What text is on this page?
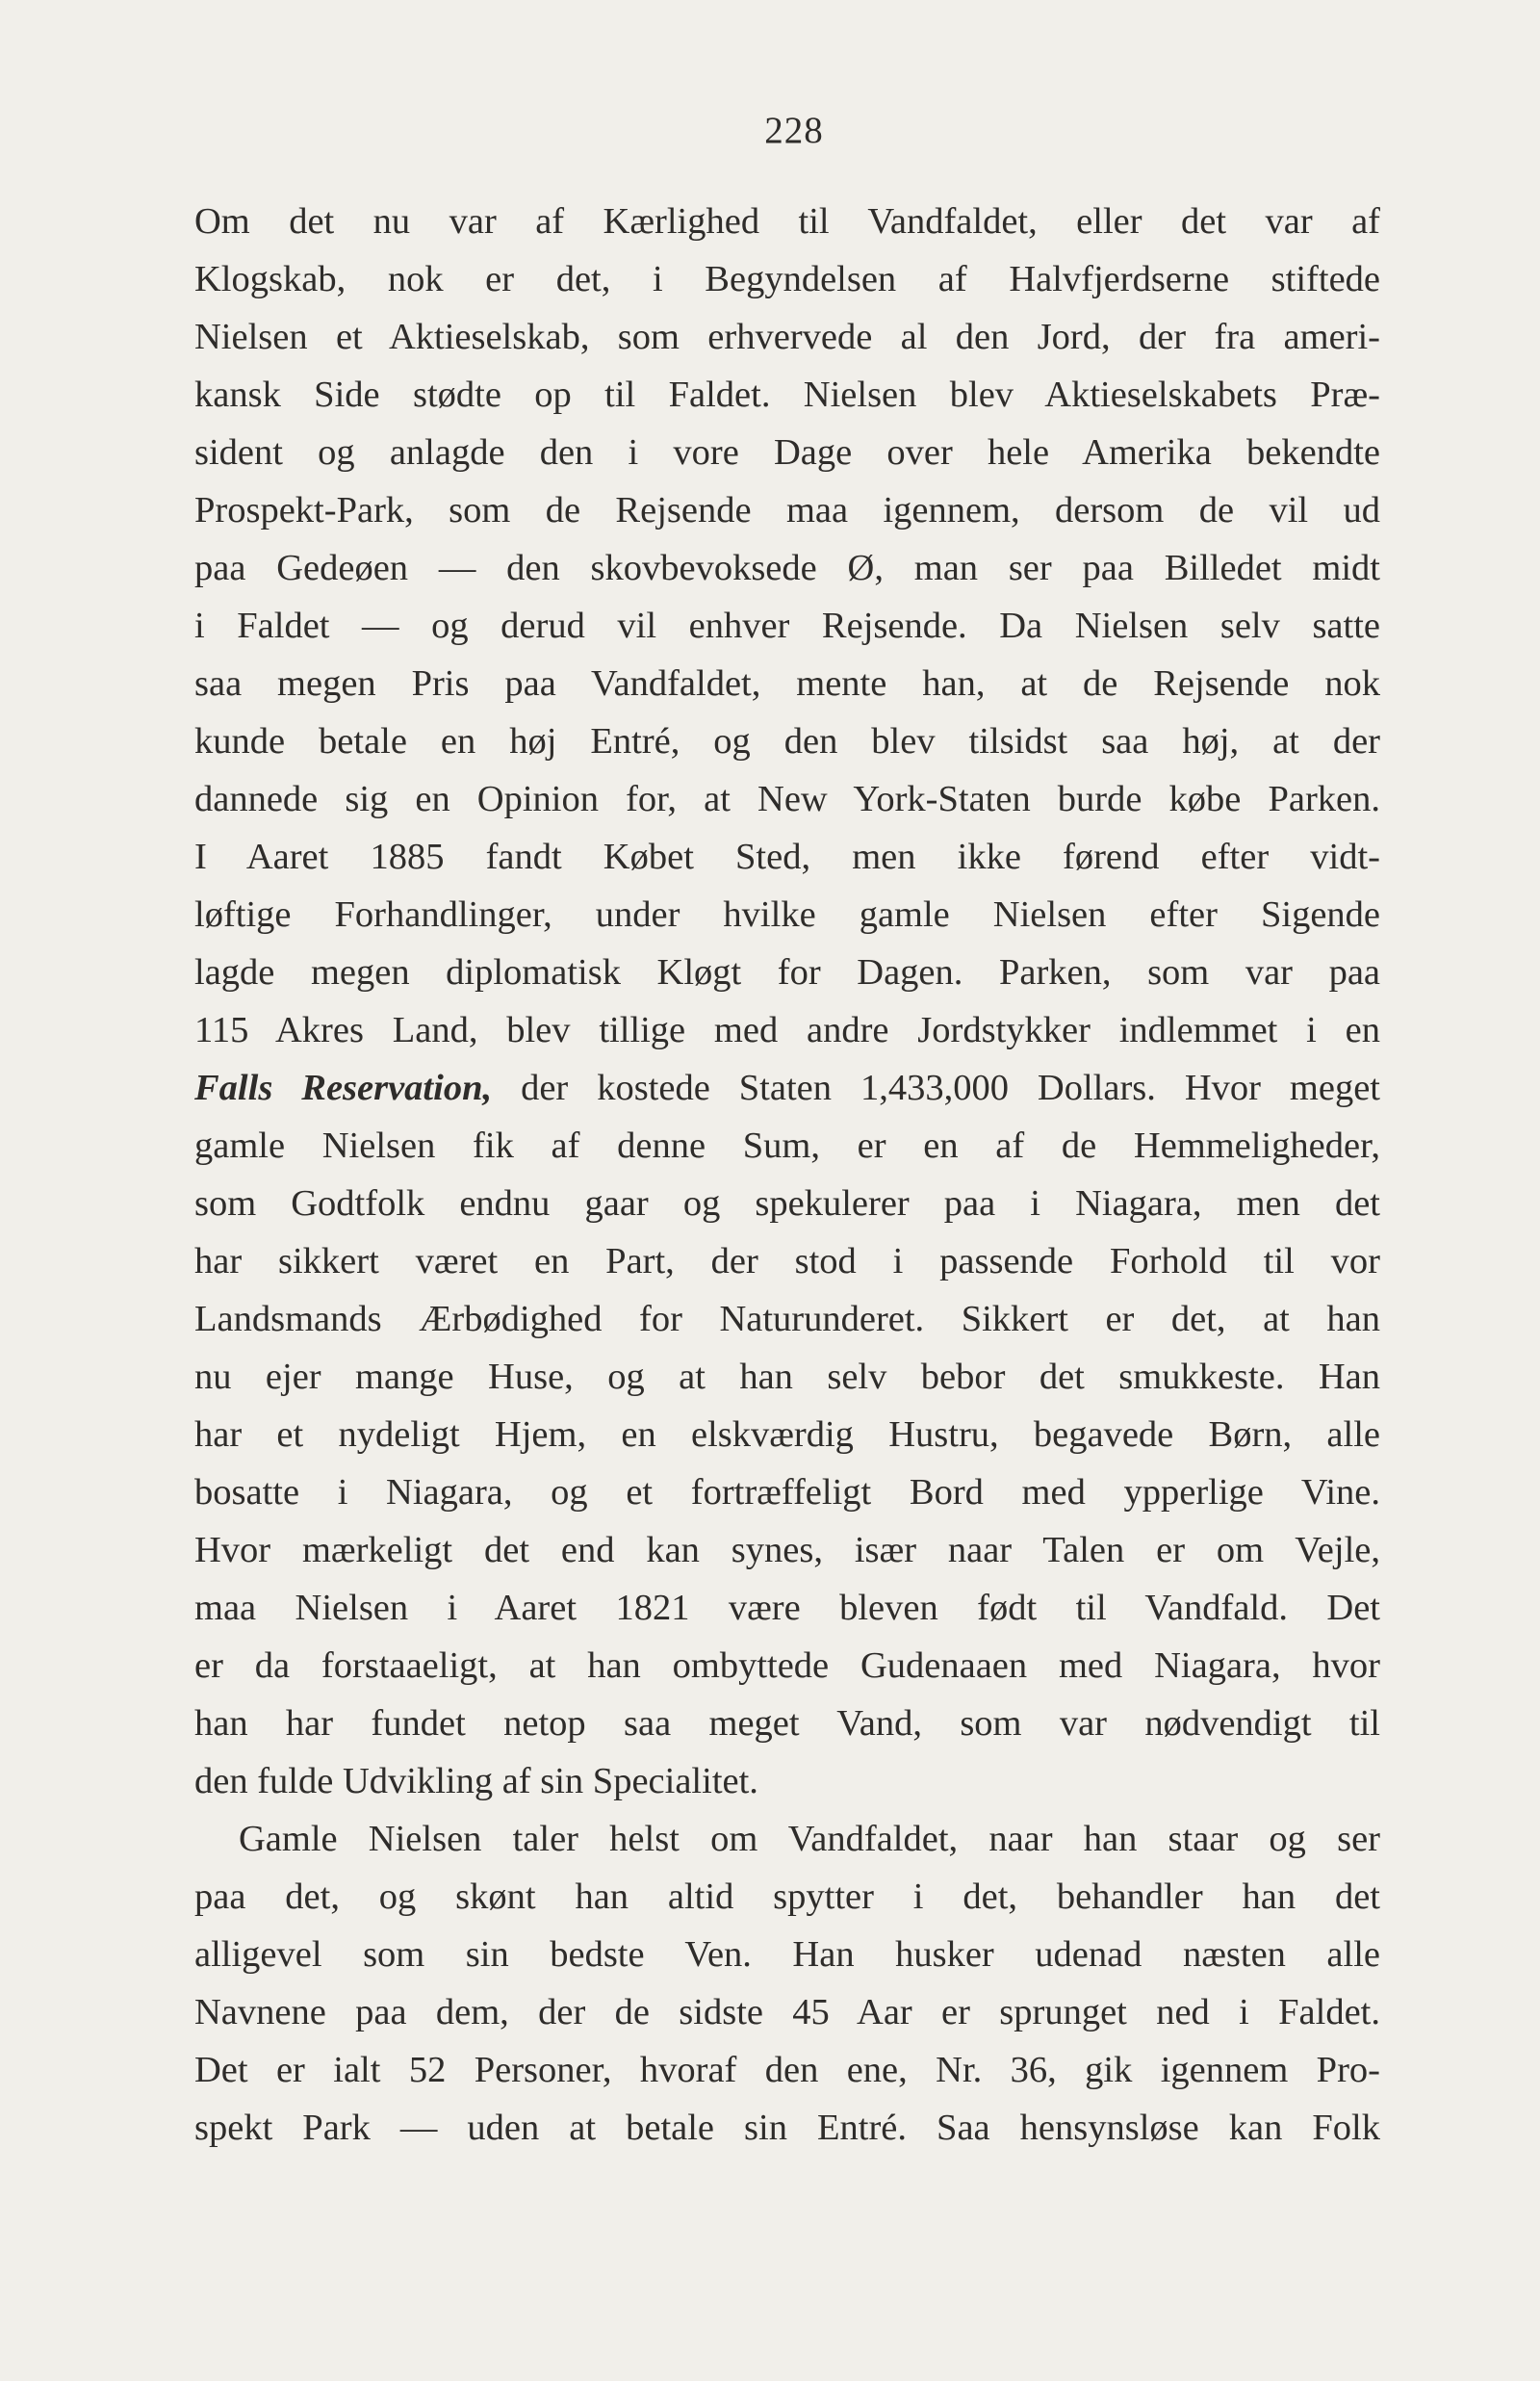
228
Om det nu var af Kærlighed til Vandfaldet, eller det var af
Klogskab, nok er det, i Begyndelsen af Halvfjerdserne stiftede
Nielsen et Aktieselskab, som erhvervede al den Jord, der fra ameri-
kansk Side stødte op til Faldet. Nielsen blev Aktieselskabets Præ-
sident og anlagde den i vore Dage over hele Amerika bekendte
Prospekt-Park, som de Rejsende maa igennem, dersom de vil ud
paa Gedeøen — den skovbevoksede Ø, man ser paa Billedet midt
i Faldet — og derud vil enhver Rejsende. Da Nielsen selv satte
saa megen Pris paa Vandfaldet, mente han, at de Rejsende nok
kunde betale en høj Entré, og den blev tilsidst saa høj, at der
dannede sig en Opinion for, at New York-Staten burde købe Parken.
I Aaret 1885 fandt Købet Sted, men ikke førend efter vidt-
løftige Forhandlinger, under hvilke gamle Nielsen efter Sigende
lagde megen diplomatisk Kløgt for Dagen. Parken, som var paa
115 Akres Land, blev tillige med andre Jordstykker indlemmet i en
Falls Reservation, der kostede Staten 1,433,000 Dollars. Hvor meget
gamle Nielsen fik af denne Sum, er en af de Hemmeligheder,
som Godtfolk endnu gaar og spekulerer paa i Niagara, men det
har sikkert været en Part, der stod i passende Forhold til vor
Landsmands Ærbødighed for Naturunderet. Sikkert er det, at han
nu ejer mange Huse, og at han selv bebor det smukkeste. Han
har et nydeligt Hjem, en elskværdig Hustru, begavede Børn, alle
bosatte i Niagara, og et fortræffeligt Bord med ypperlige Vine.
Hvor mærkeligt det end kan synes, især naar Talen er om Vejle,
maa Nielsen i Aaret 1821 være bleven født til Vandfald. Det
er da forstaaeligt, at han ombyttede Gudenaaen med Niagara, hvor
han har fundet netop saa meget Vand, som var nødvendigt til
den fulde Udvikling af sin Specialitet.
Gamle Nielsen taler helst om Vandfaldet, naar han staar og ser
paa det, og skønt han altid spytter i det, behandler han det
alligevel som sin bedste Ven. Han husker udenad næsten alle
Navnene paa dem, der de sidste 45 Aar er sprunget ned i Faldet.
Det er ialt 52 Personer, hvoraf den ene, Nr. 36, gik igennem Pro-
spekt Park — uden at betale sin Entré. Saa hensynsløse kan Folk
